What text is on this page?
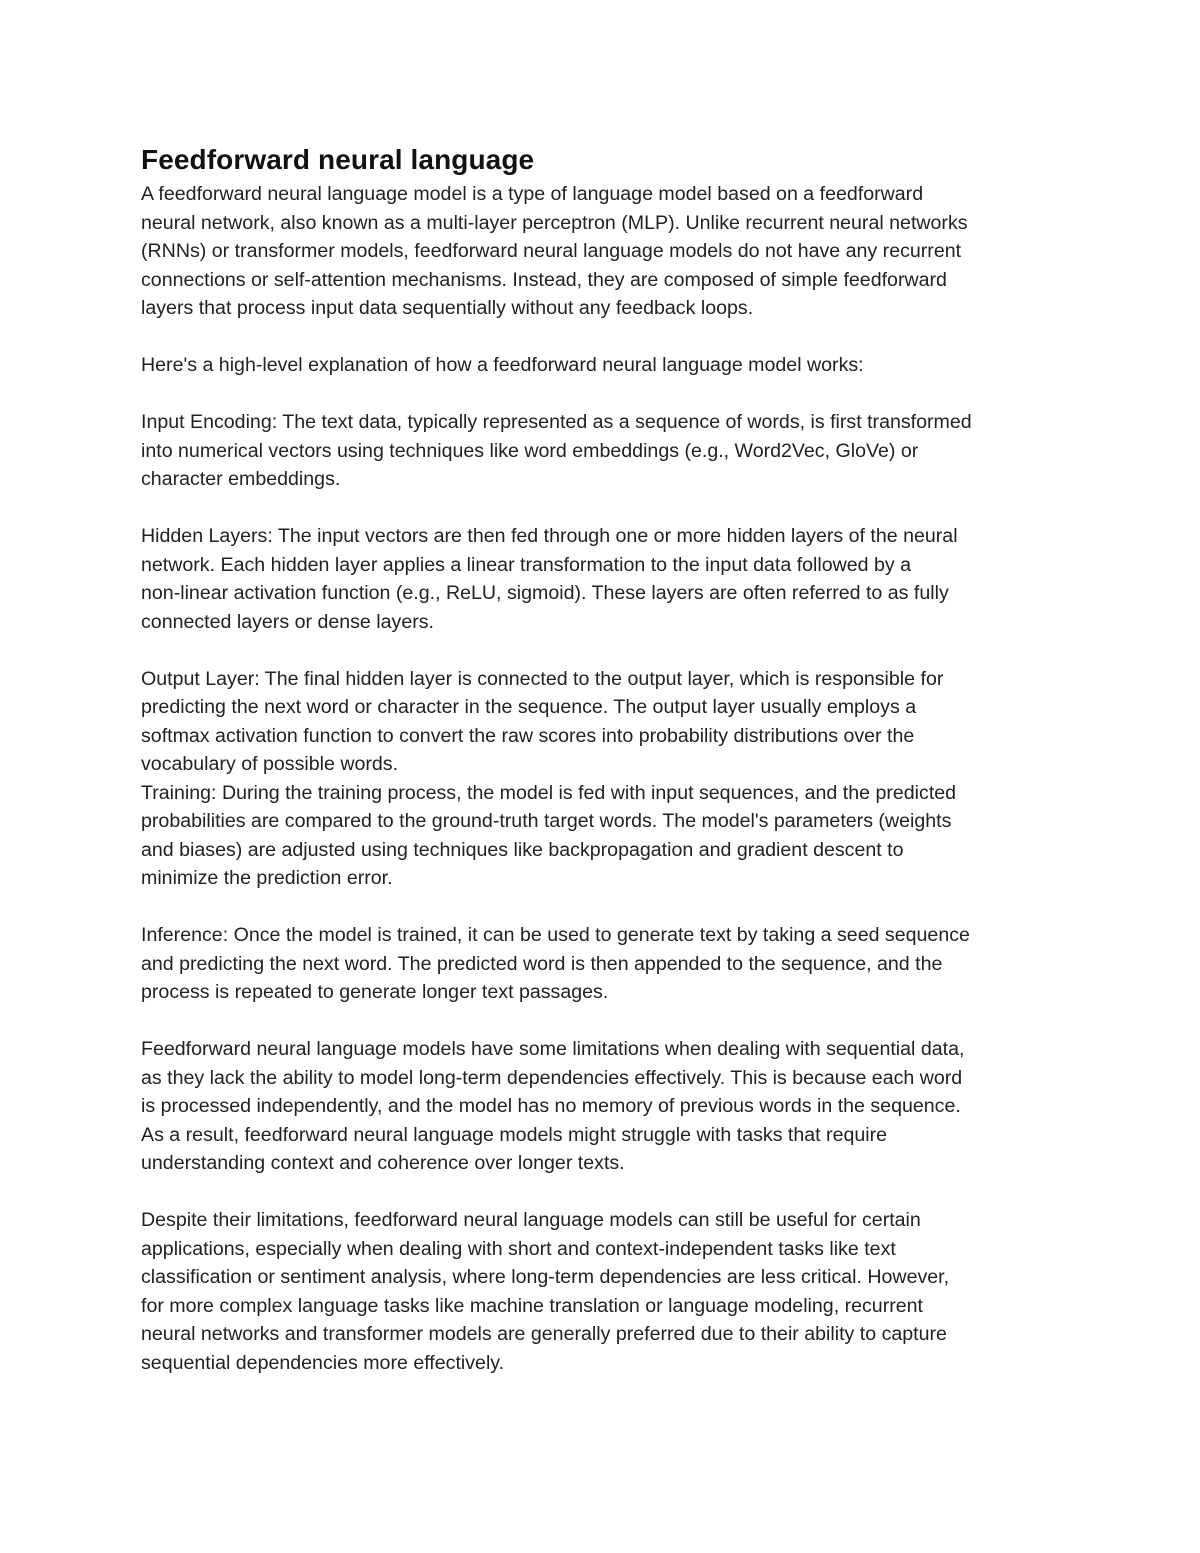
Feedforward neural language

A feedforward neural language model is a type of language model based on a feedforward
neural network, also known as a multi-layer perceptron (MLP). Unlike recurrent neural networks
(RNNs) or transformer models, feedforward neural language models do not have any recurrent
connections or self-attention mechanisms. Instead, they are composed of simple feedforward
layers that process input data sequentially without any feedback loops.

Here's a high-level explanation of how a feedforward neural language model works:

Input Encoding: The text data, typically represented as a sequence of words, is first transformed
into numerical vectors using techniques like word embeddings (e.g., Word2Vec, GloVe) or
character embeddings.

Hidden Layers: The input vectors are then fed through one or more hidden layers of the neural
network. Each hidden layer applies a linear transformation to the input data followed by a
non-linear activation function (e.g., ReLU, sigmoid). These layers are often referred to as fully
connected layers or dense layers.

Output Layer: The final hidden layer is connected to the output layer, which is responsible for
predicting the next word or character in the sequence. The output layer usually employs a
softmax activation function to convert the raw scores into probability distributions over the
vocabulary of possible words.
Training: During the training process, the model is fed with input sequences, and the predicted
probabilities are compared to the ground-truth target words. The model's parameters (weights
and biases) are adjusted using techniques like backpropagation and gradient descent to
minimize the prediction error.

Inference: Once the model is trained, it can be used to generate text by taking a seed sequence
and predicting the next word. The predicted word is then appended to the sequence, and the
process is repeated to generate longer text passages.

Feedforward neural language models have some limitations when dealing with sequential data,
as they lack the ability to model long-term dependencies effectively. This is because each word
is processed independently, and the model has no memory of previous words in the sequence.
As a result, feedforward neural language models might struggle with tasks that require
understanding context and coherence over longer texts.

Despite their limitations, feedforward neural language models can still be useful for certain
applications, especially when dealing with short and context-independent tasks like text
classification or sentiment analysis, where long-term dependencies are less critical. However,
for more complex language tasks like machine translation or language modeling, recurrent
neural networks and transformer models are generally preferred due to their ability to capture
sequential dependencies more effectively.
